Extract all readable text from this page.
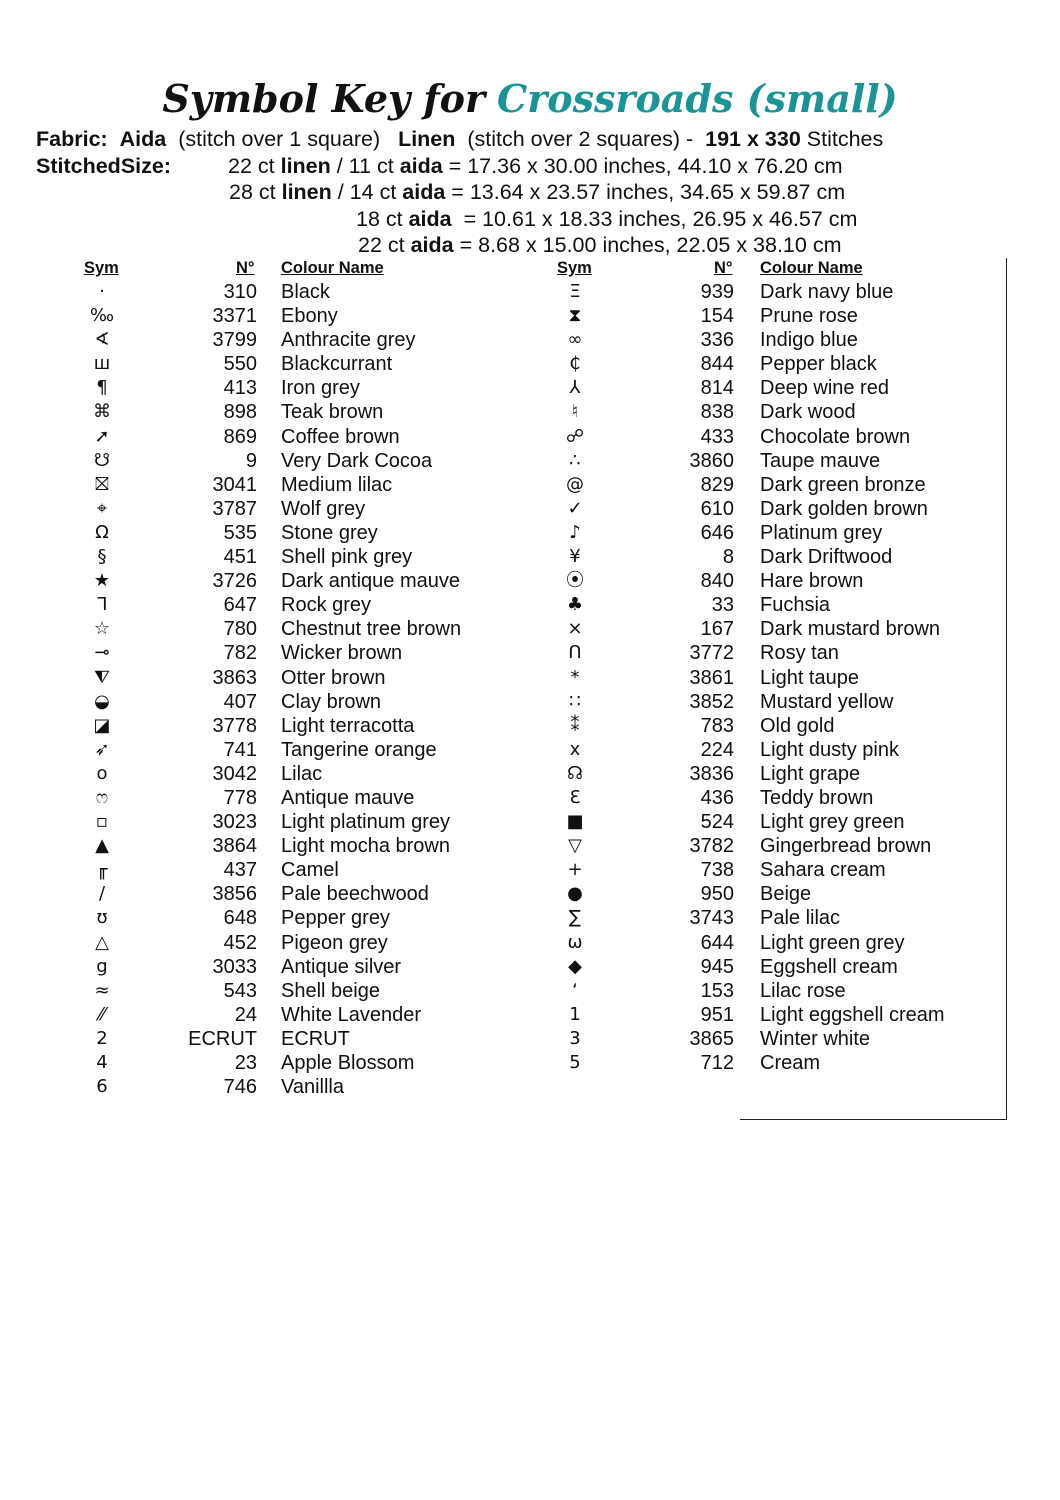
Symbol Key for Crossroads (small)
Fabric: Aida (stitch over 1 square) Linen (stitch over 2 squares) - 191 x 330 Stitches
StitchedSize:	22 ct linen / 11 ct aida = 17.36 x 30.00 inches, 44.10 x 76.20 cm
28 ct linen / 14 ct aida = 13.64 x 23.57 inches, 34.65 x 59.87 cm
18 ct aida  = 10.61 x 18.33 inches, 26.95 x 46.57 cm
22 ct aida = 8.68 x 15.00 inches, 22.05 x 38.10 cm
Sym	N° Colour Name	Sym	N° Colour Name
·	310 Black
‰	3371 Ebony
∢	3799 Anthracite grey
ш	550 Blackcurrant
¶	413 Iron grey
⌘	898 Teak brown
➚	869 Coffee brown
☋	9 Very Dark Cocoa
⛝	3041 Medium lilac
⌖	3787 Wolf grey
Ω	535 Stone grey
§	451 Shell pink grey
★	3726 Dark antique mauve
ᒣ	647 Rock grey
☆	780 Chestnut tree brown
⊸	782 Wicker brown
⧨	3863 Otter brown
◒	407 Clay brown
◪	3778 Light terracotta
➶	741 Tangerine orange
o	3042 Lilac
ෆ	778 Antique mauve
▫	3023 Light platinum grey
▲	3864 Light mocha brown
╓	437 Camel
/	3856 Pale beechwood
ʊ	648 Pepper grey
△	452 Pigeon grey
g	3033 Antique silver
≈	543 Shell beige
⁄⁄	24 White Lavender
2	ECRUT ECRUT
4	23 Apple Blossom
6	746 Vanillla
Ξ	939 Dark navy blue
⧗	154 Prune rose
∞	336 Indigo blue
₵	844 Pepper black
⅄	814 Deep wine red
♮	838 Dark wood
☍	433 Chocolate brown
∴	3860 Taupe mauve
@	829 Dark green bronze
✓	610 Dark golden brown
♪	646 Platinum grey
¥	8 Dark Driftwood
⦿	840 Hare brown
♣	33 Fuchsia
⨯	167 Dark mustard brown
ᑎ	3772 Rosy tan
*	3861 Light taupe
∷	3852 Mustard yellow
⁑	783 Old gold
x	224 Light dusty pink
☊	3836 Light grape
Ɛ	436 Teddy brown
■	524 Light grey green
▽	3782 Gingerbread brown
+	738 Sahara cream
●	950 Beige
∑	3743 Pale lilac
ω	644 Light green grey
◆	945 Eggshell cream
ʻ	153 Lilac rose
1	951 Light eggshell cream
3	3865 Winter white
5	712 Cream
